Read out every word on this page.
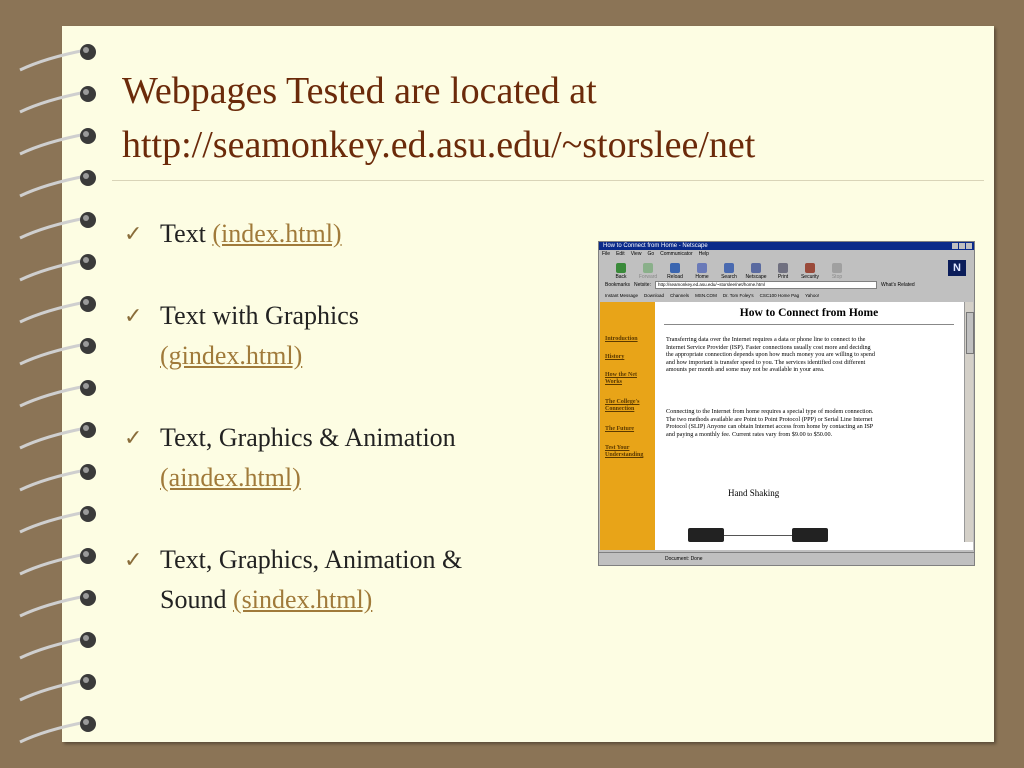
Webpages Tested are located at
http://seamonkey.ed.asu.edu/~storslee/net
✓ Text (index.html)
✓ Text with Graphics
(gindex.html)
✓ Text, Graphics & Animation
(aindex.html)
✓ Text, Graphics, Animation &
Sound (sindex.html)
How to Connect from Home - Netscape
File Edit View Go Communicator Help
Back Forward Reload Home Search Netscape Print	Security	Stop
N
Bookmarks Netsite:	http://seamonkey.ed.asu.edu/~storslee/net/home.html	What's Related
Instant Message Download Channels MSN.COM Dr. Tom Foley's CSC100 Home Pag Yahoo!
Introduction
History
How the Net Works
The College's Connection
The Future
Test Your Understanding
How to Connect from Home
Transferring data over the Internet requires a data or phone line to connect to the Internet Service Provider (ISP). Faster connections usually cost more and deciding the appropriate connection depends upon how much money you are willing to spend and how important is transfer speed to you. The services identified cost different amounts per month and some may not be available in your area.
Connecting to the Internet from home requires a special type of modem connection. The two methods available are Point to Point Protocol (PPP) or Serial Line Internet Protocol (SLIP) Anyone can obtain Internet access from home by contacting an ISP and paying a monthly fee. Current rates vary from $9.00 to $50.00.
Hand Shaking
Document: Done
